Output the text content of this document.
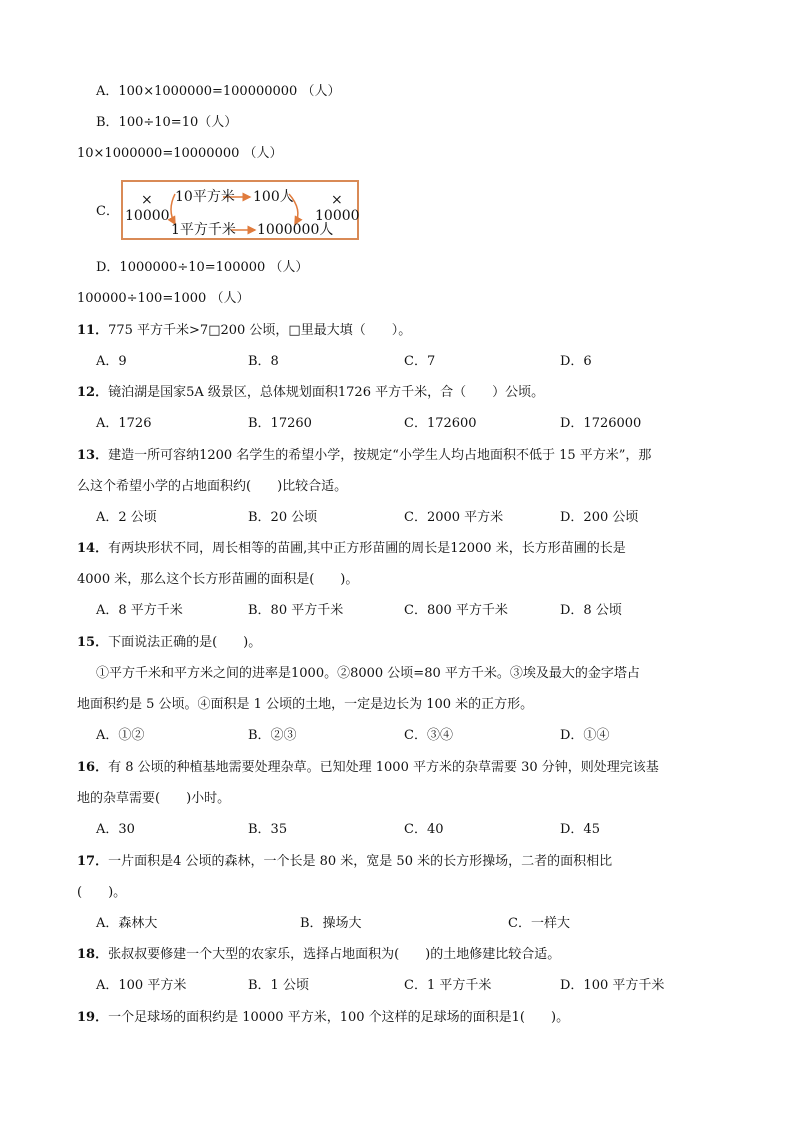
A．100×1000000=100000000 （人）
B．100÷10=10（人）
10×1000000=10000000 （人）
C．
×
10000
10平方米 100人
1平方千米 1000000人
×
10000
D．1000000÷10=100000 （人）
100000÷100=1000 （人）
11．775 平方千米>7□200 公顷，□里最大填（　　）。
A．9	B．8	C．7	D．6
12．镜泊湖是国家5A 级景区，总体规划面积1726 平方千米，合（　　）公顷。
A．1726	B．17260	C．172600	D．1726000
13．建造一所可容纳1200 名学生的希望小学，按规定“小学生人均占地面积不低于 15 平方米”，那
么这个希望小学的占地面积约(　　)比较合适。
A．2 公顷	B．20 公顷	C．2000 平方米	D．200 公顷
14．有两块形状不同，周长相等的苗圃,其中正方形苗圃的周长是12000 米，长方形苗圃的长是
4000 米，那么这个长方形苗圃的面积是(　　)。
A．8 平方千米	B．80 平方千米	C．800 平方千米	D．8 公顷
15．下面说法正确的是(　　)。
①平方千米和平方米之间的进率是1000。②8000 公顷=80 平方千米。③埃及最大的金字塔占
地面积约是 5 公顷。④面积是 1 公顷的土地，一定是边长为 100 米的正方形。
A．①②	B．②③	C．③④	D．①④
16．有 8 公顷的种植基地需要处理杂草。已知处理 1000 平方米的杂草需要 30 分钟，则处理完该基
地的杂草需要(　　)小时。
A．30	B．35	C．40	D．45
17．一片面积是4 公顷的森林，一个长是 80 米，宽是 50 米的长方形操场，二者的面积相比
(　　)。
A．森林大	B．操场大	C．一样大
18．张叔叔要修建一个大型的农家乐，选择占地面积为(　　)的土地修建比较合适。
A．100 平方米	B．1 公顷	C．1 平方千米	D．100 平方千米
19．一个足球场的面积约是 10000 平方米，100 个这样的足球场的面积是1(　　)。
